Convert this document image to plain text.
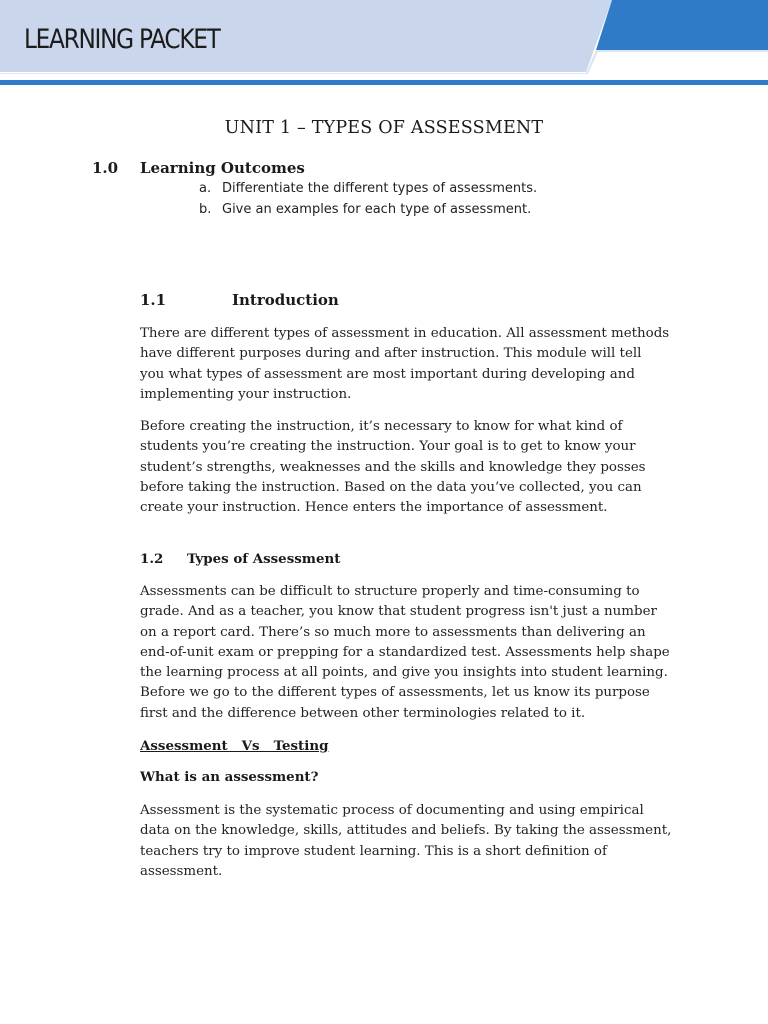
LEARNING PACKET
UNIT 1 – TYPES OF ASSESSMENT
1.0 Learning Outcomes
a. Differentiate the different types of assessments.
b. Give an examples for each type of assessment.
1.1	Introduction
There are different types of assessment in education. All assessment methods
have different purposes during and after instruction. This module will tell
you what types of assessment are most important during developing and
implementing your instruction.
Before creating the instruction, it’s necessary to know for what kind of
students you’re creating the instruction. Your goal is to get to know your
student’s strengths, weaknesses and the skills and knowledge they posses
before taking the instruction. Based on the data you’ve collected, you can
create your instruction. Hence enters the importance of assessment.
1.2 Types of Assessment
Assessments can be difficult to structure properly and time-consuming to
grade. And as a teacher, you know that student progress isn't just a number
on a report card. There’s so much more to assessments than delivering an
end-of-unit exam or prepping for a standardized test. Assessments help shape
the learning process at all points, and give you insights into student learning.
Before we go to the different types of assessments, let us know its purpose
first and the difference between other terminologies related to it.
Assessment   Vs   Testing
What is an assessment?
Assessment is the systematic process of documenting and using empirical
data on the knowledge, skills, attitudes and beliefs. By taking the assessment,
teachers try to improve student learning. This is a short definition of
assessment.
